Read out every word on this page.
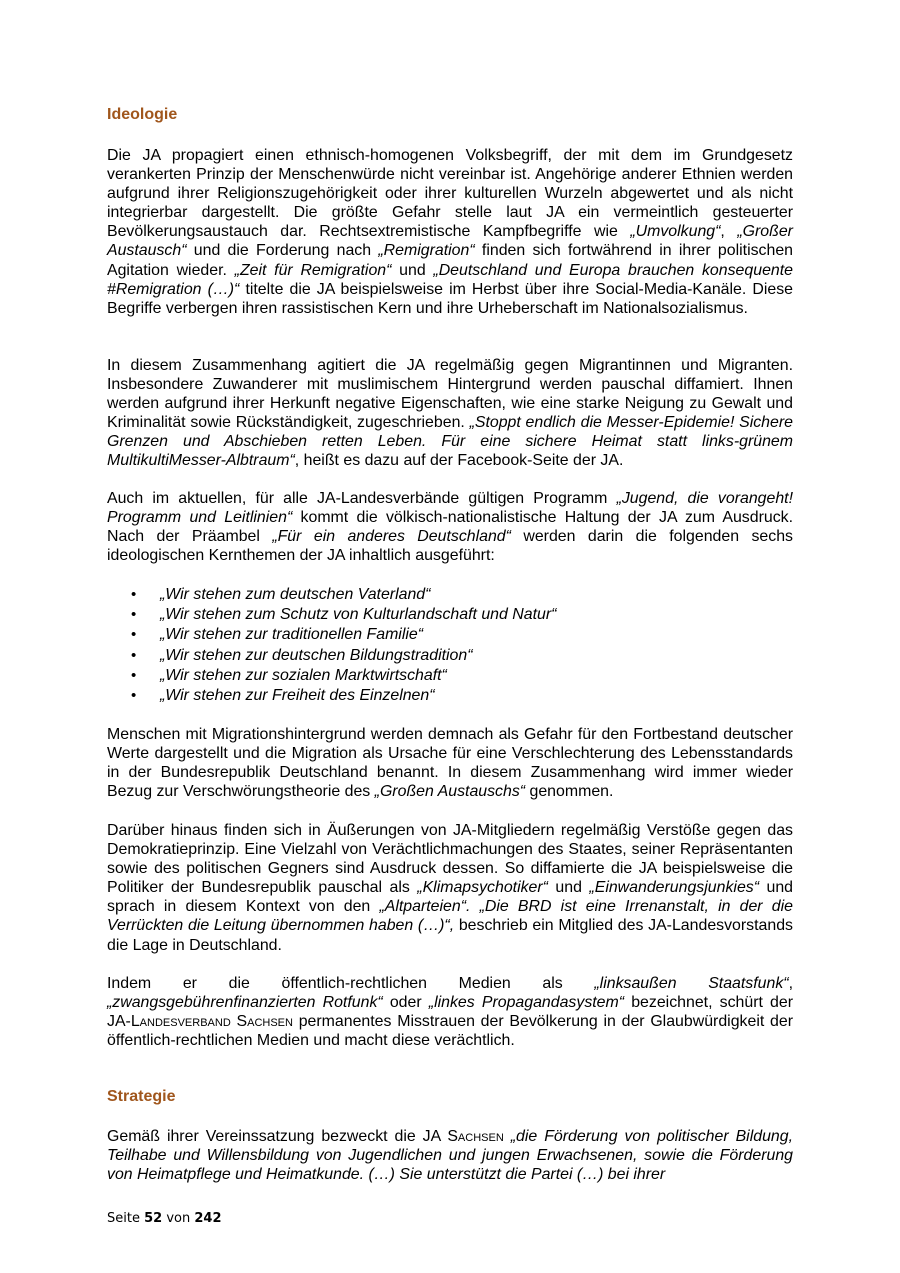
Ideologie

Die JA propagiert einen ethnisch-homogenen Volksbegriff, der mit dem im Grundgesetz verankerten Prinzip der Menschenwürde nicht vereinbar ist. Angehörige anderer Ethnien werden aufgrund ihrer Religionszugehörigkeit oder ihrer kulturellen Wurzeln abgewertet und als nicht integrierbar dargestellt. Die größte Gefahr stelle laut JA ein vermeintlich gesteuerter Bevölkerungsaustauch dar. Rechtsextremistische Kampfbegriffe wie „Umvolkung“, „Großer Austausch“ und die Forderung nach „Remigration“ finden sich fortwährend in ihrer politischen Agitation wieder. „Zeit für Remigration“ und „Deutschland und Europa brauchen konsequente #Remigration (…)“ titelte die JA beispielsweise im Herbst über ihre Social-Media-Kanäle. Diese Begriffe verbergen ihren rassistischen Kern und ihre Urheberschaft im Nationalsozialismus.

In diesem Zusammenhang agitiert die JA regelmäßig gegen Migrantinnen und Migranten. Insbesondere Zuwanderer mit muslimischem Hintergrund werden pauschal diffamiert. Ihnen werden aufgrund ihrer Herkunft negative Eigenschaften, wie eine starke Neigung zu Gewalt und Kriminalität sowie Rückständigkeit, zugeschrieben. „Stoppt endlich die Messer-Epidemie! Sichere Grenzen und Abschieben retten Leben. Für eine sichere Heimat statt links-grünem MultikultiMesser-Albtraum“, heißt es dazu auf der Facebook-Seite der JA.

Auch im aktuellen, für alle JA-Landesverbände gültigen Programm „Jugend, die vorangeht! Programm und Leitlinien“ kommt die völkisch-nationalistische Haltung der JA zum Ausdruck. Nach der Präambel „Für ein anderes Deutschland“ werden darin die folgenden sechs ideologischen Kernthemen der JA inhaltlich ausgeführt:

• „Wir stehen zum deutschen Vaterland“
• „Wir stehen zum Schutz von Kulturlandschaft und Natur“
• „Wir stehen zur traditionellen Familie“
• „Wir stehen zur deutschen Bildungstradition“
• „Wir stehen zur sozialen Marktwirtschaft“
• „Wir stehen zur Freiheit des Einzelnen“

Menschen mit Migrationshintergrund werden demnach als Gefahr für den Fortbestand deutscher Werte dargestellt und die Migration als Ursache für eine Verschlechterung des Lebensstandards in der Bundesrepublik Deutschland benannt. In diesem Zusammenhang wird immer wieder Bezug zur Verschwörungstheorie des „Großen Austauschs“ genommen.

Darüber hinaus finden sich in Äußerungen von JA-Mitgliedern regelmäßig Verstöße gegen das Demokratieprinzip. Eine Vielzahl von Verächtlichmachungen des Staates, seiner Repräsentanten sowie des politischen Gegners sind Ausdruck dessen. So diffamierte die JA beispielsweise die Politiker der Bundesrepublik pauschal als „Klimapsychotiker“ und „Einwanderungsjunkies“ und sprach in diesem Kontext von den „Altparteien“. „Die BRD ist eine Irrenanstalt, in der die Verrückten die Leitung übernommen haben (…)“, beschrieb ein Mitglied des JA-Landesvorstands die Lage in Deutschland.

Indem er die öffentlich-rechtlichen Medien als „linksaußen Staatsfunk“, „zwangsgebührenfinanzierten Rotfunk“ oder „linkes Propagandasystem“ bezeichnet, schürt der JA-Landesverband Sachsen permanentes Misstrauen der Bevölkerung in der Glaubwürdigkeit der öffentlich-rechtlichen Medien und macht diese verächtlich.

Strategie

Gemäß ihrer Vereinssatzung bezweckt die JA Sachsen „die Förderung von politischer Bildung, Teilhabe und Willensbildung von Jugendlichen und jungen Erwachsenen, sowie die Förderung von Heimatpflege und Heimatkunde. (…) Sie unterstützt die Partei (…) bei ihrer

Seite 52 von 242
